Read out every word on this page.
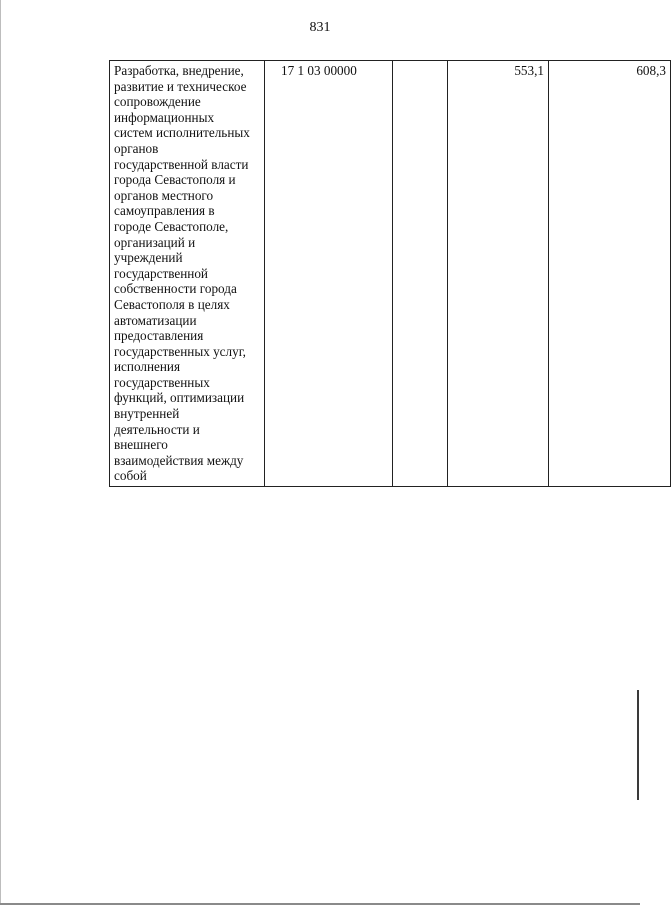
831
Разработка, внедрение,
развитие и техническое
сопровождение
информационных
систем исполнительных
органов
государственной власти
города Севастополя и
органов местного
самоуправления в
городе Севастополе,
организаций и
учреждений
государственной
собственности города
Севастополя в целях
автоматизации
предоставления
государственных услуг,
исполнения
государственных
функций, оптимизации
внутренней
деятельности и
внешнего
взаимодействия между
собой	17 1 03 00000		553,1	608,3
